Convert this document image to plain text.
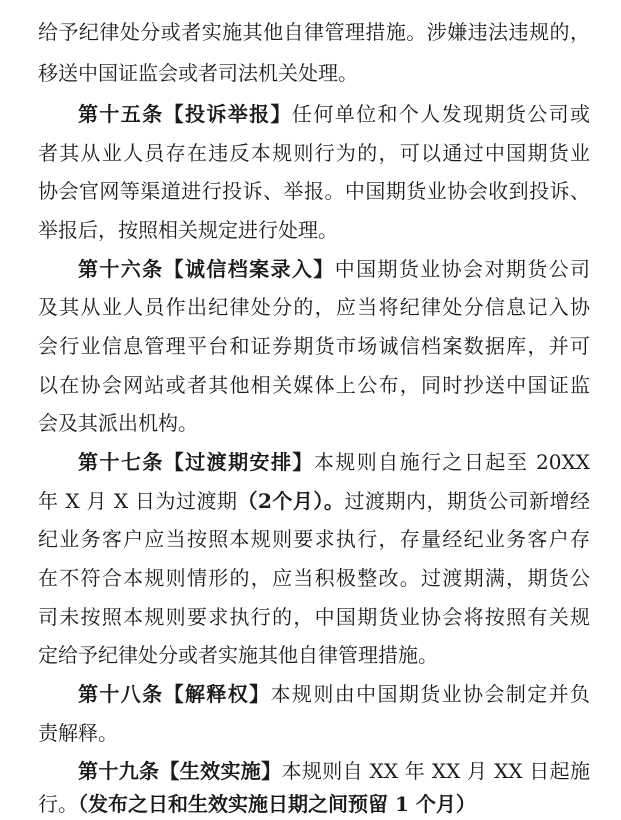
给予纪律处分或者实施其他自律管理措施。涉嫌违法违规的，
移送中国证监会或者司法机关处理。
第十五条【投诉举报】任何单位和个人发现期货公司或
者其从业人员存在违反本规则行为的，可以通过中国期货业
协会官网等渠道进行投诉、举报。中国期货业协会收到投诉、
举报后，按照相关规定进行处理。
第十六条【诚信档案录入】中国期货业协会对期货公司
及其从业人员作出纪律处分的，应当将纪律处分信息记入协
会行业信息管理平台和证券期货市场诚信档案数据库，并可
以在协会网站或者其他相关媒体上公布，同时抄送中国证监
会及其派出机构。
第十七条【过渡期安排】本规则自施行之日起至 20XX
年 X 月 X 日为过渡期（2个月）。过渡期内，期货公司新增经
纪业务客户应当按照本规则要求执行，存量经纪业务客户存
在不符合本规则情形的，应当积极整改。过渡期满，期货公
司未按照本规则要求执行的，中国期货业协会将按照有关规
定给予纪律处分或者实施其他自律管理措施。
第十八条【解释权】本规则由中国期货业协会制定并负
责解释。
第十九条【生效实施】本规则自 XX 年 XX 月 XX 日起施
行。（发布之日和生效实施日期之间预留 1 个月）
